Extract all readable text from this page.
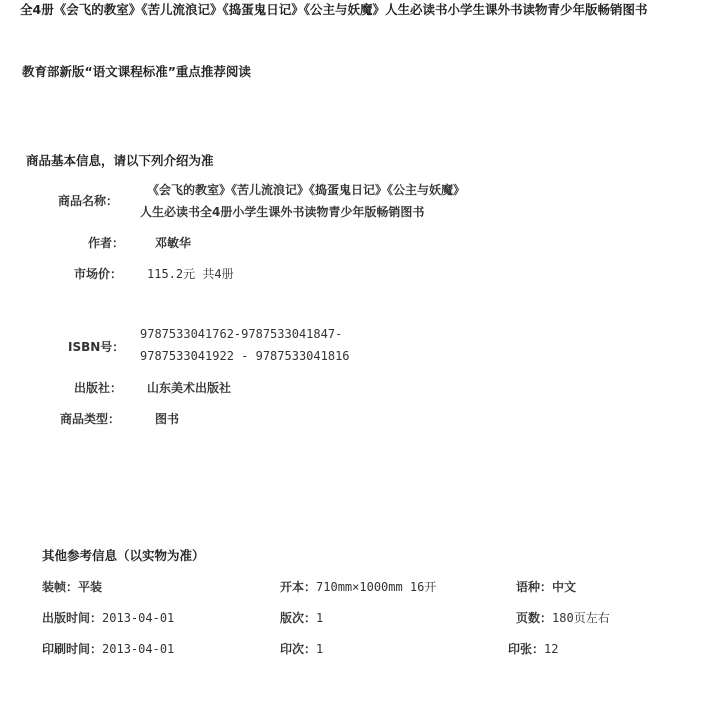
全4册《会飞的教室》《苦儿流浪记》《捣蛋鬼日记》《公主与妖魔》人生必读书小学生课外书读物青少年版畅销图书
教育部新版“语文课程标准”重点推荐阅读
商品基本信息，请以下列介绍为准
商品名称：
《会飞的教室》《苦儿流浪记》《捣蛋鬼日记》《公主与妖魔》
人生必读书全4册小学生课外书读物青少年版畅销图书
作者：	邓敏华
市场价： 115.2元 共4册
ISBN号：
9787533041762-9787533041847-
9787533041922 - 9787533041816
出版社： 山东美术出版社
商品类型：	图书
其他参考信息（以实物为准）
装帧：平装	开本：710mm×1000mm 16开	语种：中文
出版时间：2013-04-01	版次：1	页数：180页左右
印刷时间：2013-04-01	印次：1	印张：12
